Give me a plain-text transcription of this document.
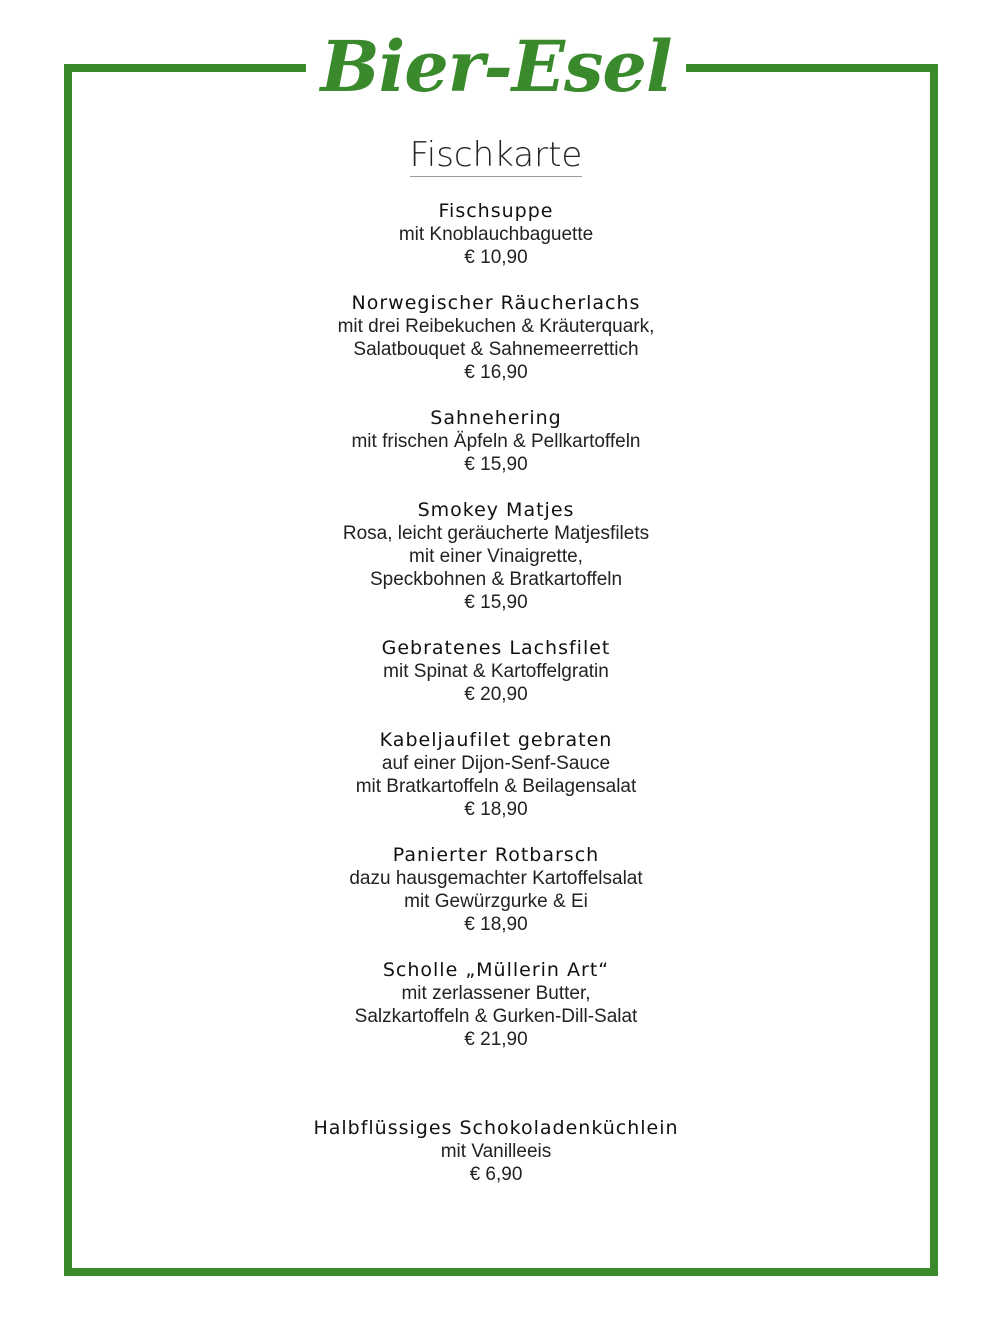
Bier-Esel
Fischkarte
Fischsuppe
mit Knoblauchbaguette
€ 10,90
Norwegischer Räucherlachs
mit drei Reibekuchen & Kräuterquark,
Salatbouquet & Sahnemeerrettich
€ 16,90
Sahnehering
mit frischen Äpfeln & Pellkartoffeln
€ 15,90
Smokey Matjes
Rosa, leicht geräucherte Matjesfilets
mit einer Vinaigrette,
Speckbohnen & Bratkartoffeln
€ 15,90
Gebratenes Lachsfilet
mit Spinat & Kartoffelgratin
€ 20,90
Kabeljaufilet gebraten
auf einer Dijon-Senf-Sauce
mit Bratkartoffeln & Beilagensalat
€ 18,90
Panierter Rotbarsch
dazu hausgemachter Kartoffelsalat
mit Gewürzgurke & Ei
€ 18,90
Scholle „Müllerin Art“
mit zerlassener Butter,
Salzkartoffeln & Gurken-Dill-Salat
€ 21,90
Halbflüssiges Schokoladenküchlein
mit Vanilleeis
€ 6,90
